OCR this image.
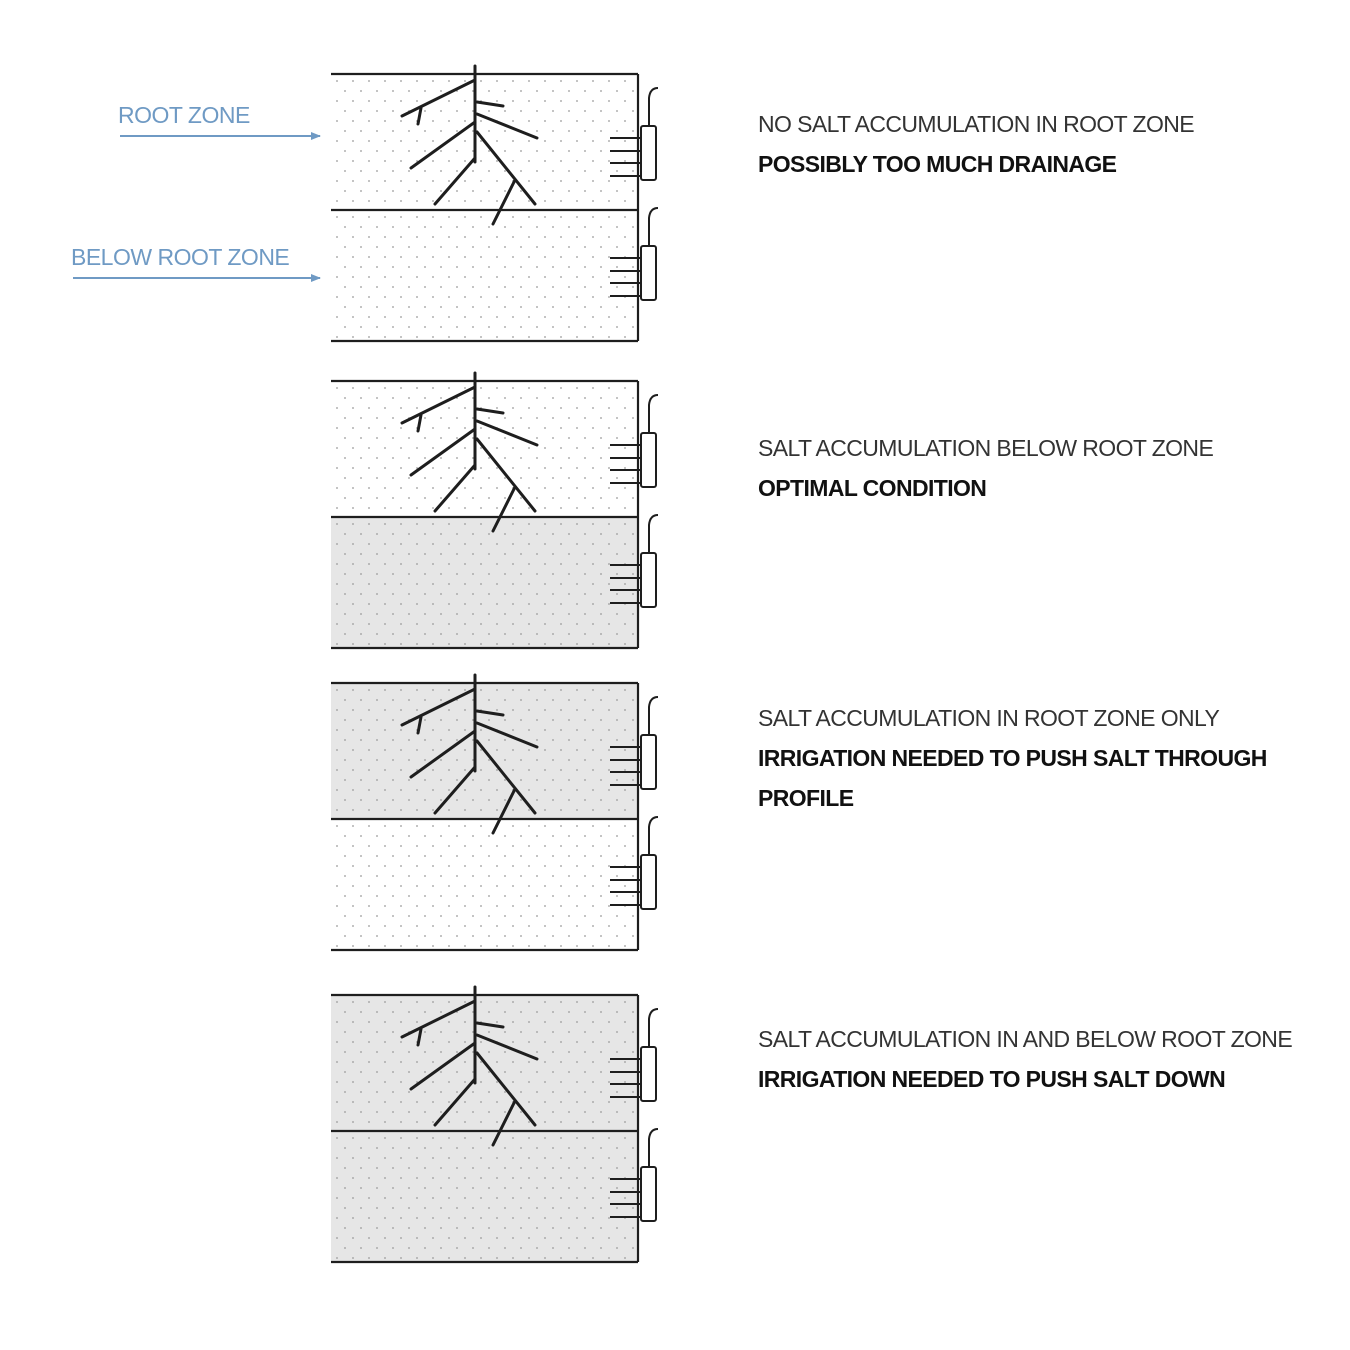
ROOT ZONE
BELOW ROOT ZONE
NO SALT ACCUMULATION IN ROOT ZONE
POSSIBLY TOO MUCH DRAINAGE
SALT ACCUMULATION BELOW ROOT ZONE
OPTIMAL CONDITION
SALT ACCUMULATION IN ROOT ZONE ONLY
IRRIGATION NEEDED TO PUSH SALT THROUGH PROFILE
SALT ACCUMULATION IN AND BELOW ROOT ZONE
IRRIGATION NEEDED TO PUSH SALT DOWN
